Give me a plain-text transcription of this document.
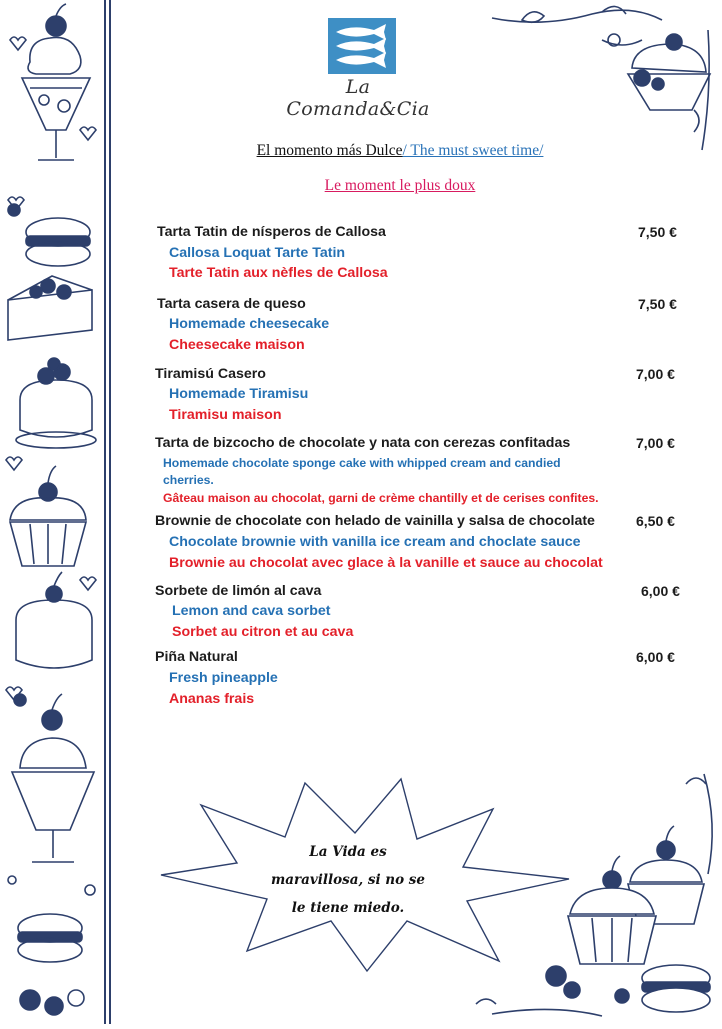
La Comanda&Cia
El momento más Dulce/ The must sweet time/
Le moment le plus doux
Tarta Tatin de nísperos de Callosa	7,50 €
Callosa Loquat Tarte Tatin
Tarte Tatin aux nèfles de Callosa
Tarta casera de queso	7,50 €
Homemade cheesecake
Cheesecake maison
Tiramisú Casero	7,00 €
Homemade Tiramisu
Tiramisu maison
Tarta de bizcocho de chocolate y nata con cerezas confitadas	7,00 €
Homemade chocolate sponge cake with whipped cream and candied
cherries.
Gâteau maison au chocolat, garni de crème chantilly et de cerises confites.
Brownie de chocolate con helado de vainilla y salsa de chocolate	6,50 €
Chocolate brownie with vanilla ice cream and choclate sauce
Brownie au chocolat avec glace à la vanille et sauce au chocolat
Sorbete de limón al cava	6,00 €
Lemon and cava sorbet
Sorbet au citron et au cava
Piña Natural	6,00 €
Fresh pineapple
Ananas frais
La Vida es
maravillosa, si no se
le tiene miedo.
